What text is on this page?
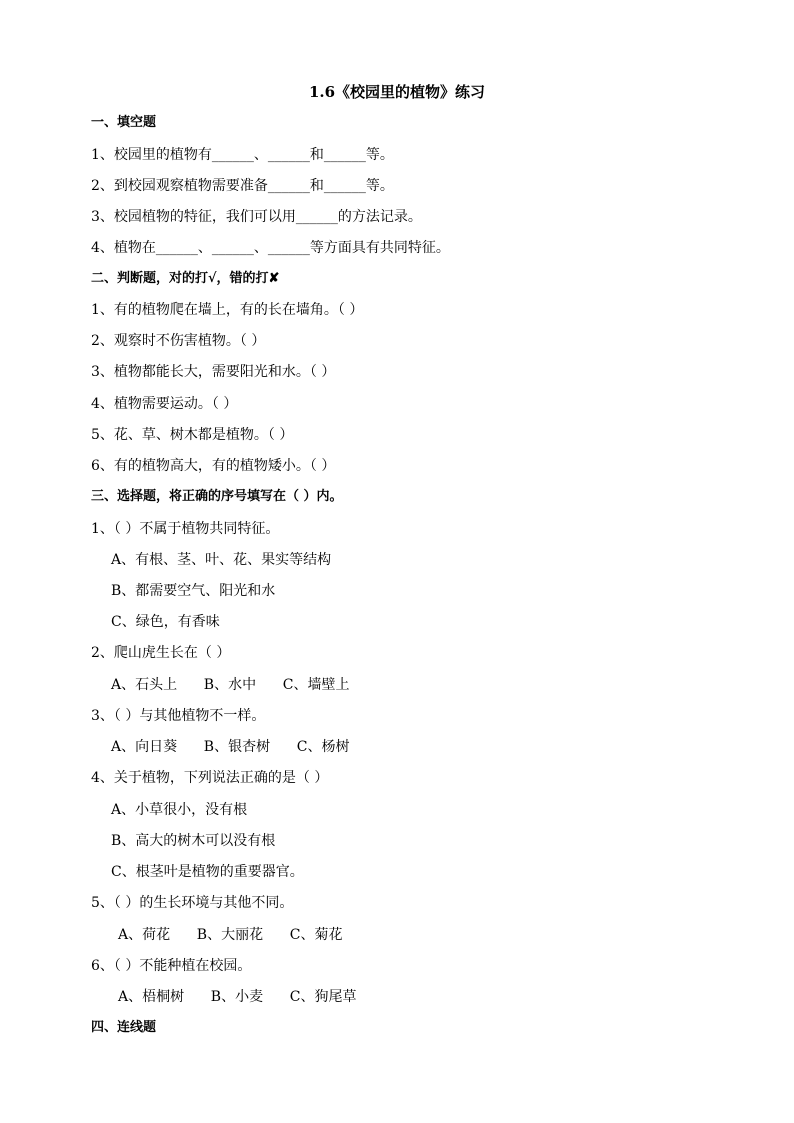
1.6《校园里的植物》练习
一、填空题
1、校园里的植物有______、______和______等。
2、到校园观察植物需要准备______和______等。
3、校园植物的特征，我们可以用______的方法记录。
4、植物在______、______、______等方面具有共同特征。
二、判断题，对的打√，错的打✘
1、有的植物爬在墙上，有的长在墙角。（ ）
2、观察时不伤害植物。（ ）
3、植物都能长大，需要阳光和水。（ ）
4、植物需要运动。（ ）
5、花、草、树木都是植物。（ ）
6、有的植物高大，有的植物矮小。（ ）
三、选择题，将正确的序号填写在（ ）内。
1、（ ）不属于植物共同特征。
A、有根、茎、叶、花、果实等结构
B、都需要空气、阳光和水
C、绿色，有香味
2、爬山虎生长在（ ）
A、石头上      B、水中      C、墙壁上
3、（ ）与其他植物不一样。
A、向日葵      B、银杏树      C、杨树
4、关于植物，下列说法正确的是（ ）
A、小草很小，没有根
B、高大的树木可以没有根
C、根茎叶是植物的重要器官。
5、（ ）的生长环境与其他不同。
A、荷花      B、大丽花      C、菊花
6、（ ）不能种植在校园。
A、梧桐树      B、小麦      C、狗尾草
四、连线题
